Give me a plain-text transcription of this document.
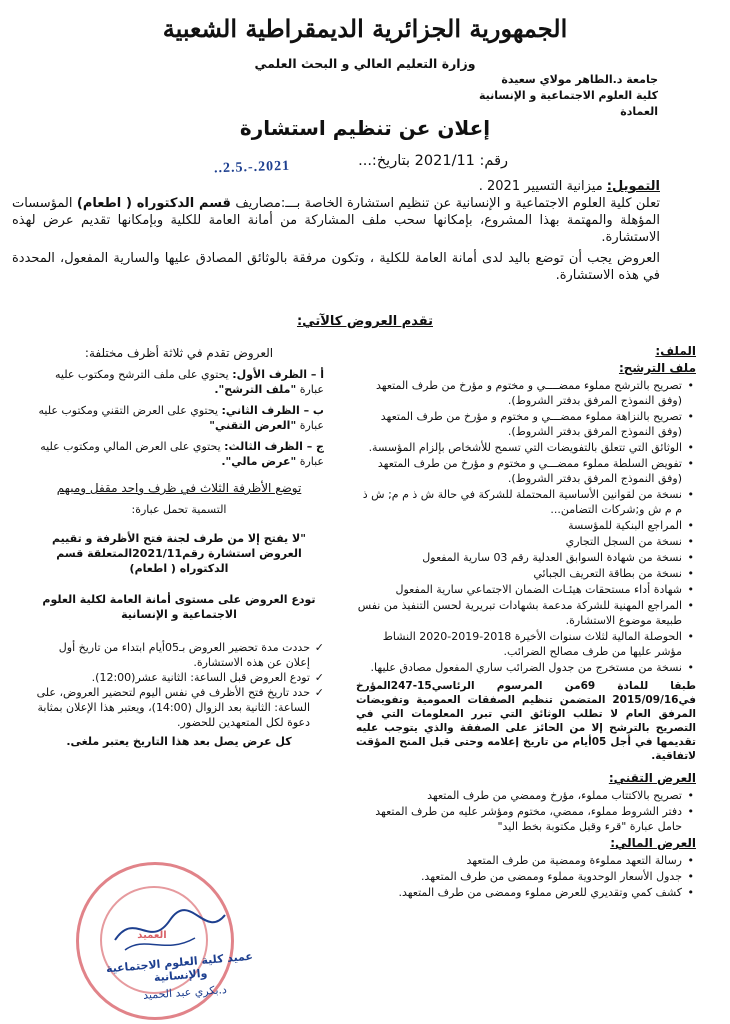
الجمهورية الجزائرية الديمقراطية الشعبية
وزارة التعليم العالي و البحث العلمي
جامعة د.الطاهر مولاي سعيدة
كلية العلوم الاجتماعية و الإنسانية
العمادة
إعلان عن تنظيم استشارة
رقم: 2021/11 بتاريخ:...
2021.-.2.5..

التمويل: ميزانية التسيير 2021 .

تعلن كلية العلوم الاجتماعية و الإنسانية عن تنظيم استشارة الخاصة بـــ:مصاريف قسم الدكتوراه ( اطعام) المؤسسات المؤهلة والمهتمة بهذا المشروع، بإمكانها سحب ملف المشاركة من أمانة العامة للكلية وبإمكانها تقديم عرض لهذه الاستشارة.

العروض يجب أن توضع باليد لدى أمانة العامة للكلية ، وتكون مرفقة بالوثائق المصادق عليها والسارية المفعول، المحددة في هذه الاستشارة.

تقدم العروض كالآتي:
الملف:
ملف الترشح:
• تصريح بالترشح مملوء ممضــــي و مختوم و مؤرخ من طرف المتعهد (وفق النموذج المرفق بدفتر الشروط).
• تصريح بالنزاهة مملوء ممضـــي و مختوم و مؤرخ من طرف المتعهد (وفق النموذج المرفق بدفتر الشروط).
• الوثائق التي تتعلق بالتفويضات التي تسمح للأشخاص بإلزام المؤسسة.
• تفويض السلطة مملوء ممضـــي و مختوم و مؤرخ من طرف المتعهد (وفق النموذج المرفق بدفتر الشروط).
• نسخة من لقوانين الأساسية المحتملة للشركة في حالة ش ذ م م; ش ذ م م ش و;شركات التضامن...
• المراجع البنكية للمؤسسة
• نسخة من السجل التجاري
• نسخة من شهادة السوابق العدلية رقم 03 سارية المفعول
• نسخة من بطاقة التعريف الجبائي
• شهادة أداء مستحقات هيئـات الضمان الاجتماعي سارية المفعول
• المراجع المهنية للشركة مدعمة بشهادات تبريرية لحسن التنفيذ من نفس طبيعة موضوع الاستشارة.
• الحوصلة المالية لثلاث سنوات الأخيرة 2018-2019-2020 النشاط مؤشر عليها من طرف مصالح الضرائب.
• نسخة من مستخرج من جدول الضرائب ساري المفعول مصادق عليها.
طبقا للمادة 69من المرسوم الرئاسي15-247المؤرخ في2015/09/16 المتضمن تنظيم الصفقات العمومية وتفويضات المرفق العام لا تطلب الوثائق التي تبرر المعلومات التي في التصريح بالترشح إلا من الحائز على الصفقة والذي يتوجب عليه تقديمها في أجل 05أيام من تاريخ إعلامه وحتى قبل المنح المؤقت لاتفاقية.
العرض التقني:
• تصريح بالاكتتاب مملوء، مؤرخ وممضي من طرف المتعهد
• دفتر الشروط مملوء، ممضي، مختوم ومؤشر عليه من طرف المتعهد حامل عبارة "قرء وقبل مكتوبة بخط اليد"
العرض المالي:
• رسالة التعهد مملوءة وممضية من طرف المتعهد
• جدول الأسعار الوحدوية مملوء وممضى من طرف المتعهد.
• كشف كمي وتقديري للعرض مملوء وممضى من طرف المتعهد.

العروض تقدم في ثلاثة أظرف مختلفة:

أ – الظرف الأول: يحتوي على ملف الترشح ومكتوب عليه عبارة "ملف الترشح".

ب – الظرف الثاني: يحتوي على العرض التقني ومكتوب عليه عبارة "العرض التقني"

ج – الظرف الثالث: يحتوي على العرض المالي ومكتوب عليه عبارة "عرض مالي".

توضع الأظرفة الثلاث في ظرف واحد مقفل ومبهم

التسمية تحمل عبارة:

"لا يفتح إلا من طرف لجنة فتح الأظرفة و تقييم العروض استشارة رقم2021/11المتعلقة قسم الدكتوراه ( اطعام)

تودع العروض على مستوى أمانة العامة لكلية العلوم الاجتماعية و الإنسانية

✓ حددت مدة تحضير العروض بـ05أيام ابتداء من تاريخ أول إعلان عن هذه الاستشارة.
✓ تودع العروض قبل الساعة: الثانية عشر(12:00).
✓ حدد تاريخ فتح الأظرف في نفس اليوم لتحضير العروض، على الساعة: الثانية بعد الزوال (14:00)، ويعتبر هذا الإعلان بمثابة دعوة لكل المتعهدين للحضور.

كل عرض يصل بعد هذا التاريخ يعتبر ملغى.

العميد
عميد كلية العلوم الاجتماعية والإنسانية
د.بكري عبد الحميد
